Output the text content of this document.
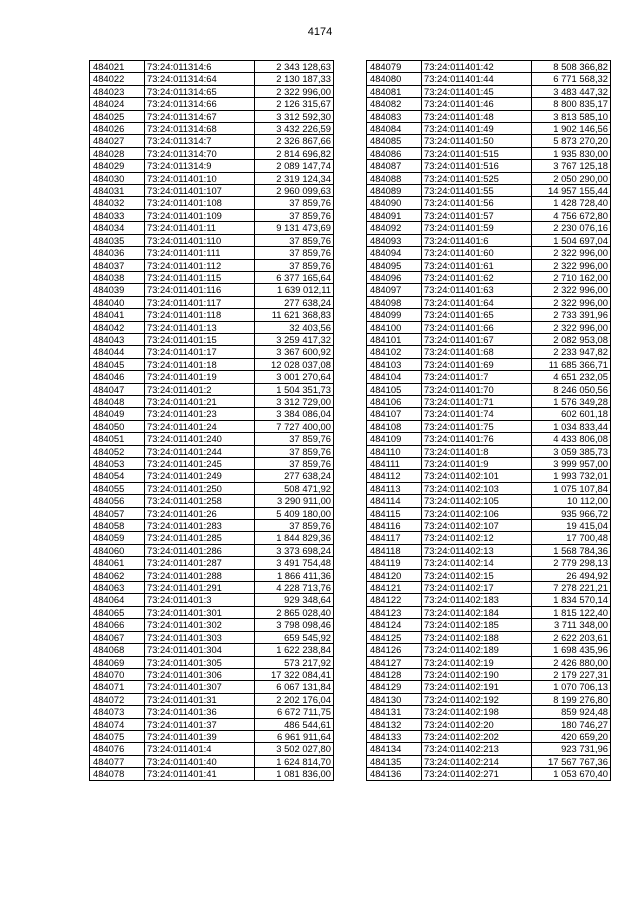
4174
484021	73:24:011314:6	2 343 128,63
484022	73:24:011314:64	2 130 187,33
484023	73:24:011314:65	2 322 996,00
484024	73:24:011314:66	2 126 315,67
484025	73:24:011314:67	3 312 592,30
484026	73:24:011314:68	3 432 226,59
484027	73:24:011314:7	2 326 867,66
484028	73:24:011314:70	2 814 696,82
484029	73:24:011314:9	2 089 147,74
484030	73:24:011401:10	2 319 124,34
484031	73:24:011401:107	2 960 099,63
484032	73:24:011401:108	37 859,76
484033	73:24:011401:109	37 859,76
484034	73:24:011401:11	9 131 473,69
484035	73:24:011401:110	37 859,76
484036	73:24:011401:111	37 859,76
484037	73:24:011401:112	37 859,76
484038	73:24:011401:115	6 377 165,64
484039	73:24:011401:116	1 639 012,11
484040	73:24:011401:117	277 638,24
484041	73:24:011401:118	11 621 368,83
484042	73:24:011401:13	32 403,56
484043	73:24:011401:15	3 259 417,32
484044	73:24:011401:17	3 367 600,92
484045	73:24:011401:18	12 028 037,08
484046	73:24:011401:19	3 001 270,64
484047	73:24:011401:2	1 504 351,73
484048	73:24:011401:21	3 312 729,00
484049	73:24:011401:23	3 384 086,04
484050	73:24:011401:24	7 727 400,00
484051	73:24:011401:240	37 859,76
484052	73:24:011401:244	37 859,76
484053	73:24:011401:245	37 859,76
484054	73:24:011401:249	277 638,24
484055	73:24:011401:250	508 471,92
484056	73:24:011401:258	3 290 911,00
484057	73:24:011401:26	5 409 180,00
484058	73:24:011401:283	37 859,76
484059	73:24:011401:285	1 844 829,36
484060	73:24:011401:286	3 373 698,24
484061	73:24:011401:287	3 491 754,48
484062	73:24:011401:288	1 866 411,36
484063	73:24:011401:291	4 228 713,76
484064	73:24:011401:3	929 348,64
484065	73:24:011401:301	2 865 028,40
484066	73:24:011401:302	3 798 098,46
484067	73:24:011401:303	659 545,92
484068	73:24:011401:304	1 622 238,84
484069	73:24:011401:305	573 217,92
484070	73:24:011401:306	17 322 084,41
484071	73:24:011401:307	6 067 131,84
484072	73:24:011401:31	2 202 176,04
484073	73:24:011401:36	6 672 711,75
484074	73:24:011401:37	486 544,61
484075	73:24:011401:39	6 961 911,64
484076	73:24:011401:4	3 502 027,80
484077	73:24:011401:40	1 624 814,70
484078	73:24:011401:41	1 081 836,00
484079	73:24:011401:42	8 508 366,82
484080	73:24:011401:44	6 771 568,32
484081	73:24:011401:45	3 483 447,32
484082	73:24:011401:46	8 800 835,17
484083	73:24:011401:48	3 813 585,10
484084	73:24:011401:49	1 902 146,56
484085	73:24:011401:50	5 873 270,20
484086	73:24:011401:515	1 935 830,00
484087	73:24:011401:516	3 767 125,18
484088	73:24:011401:525	2 050 290,00
484089	73:24:011401:55	14 957 155,44
484090	73:24:011401:56	1 428 728,40
484091	73:24:011401:57	4 756 672,80
484092	73:24:011401:59	2 230 076,16
484093	73:24:011401:6	1 504 697,04
484094	73:24:011401:60	2 322 996,00
484095	73:24:011401:61	2 322 996,00
484096	73:24:011401:62	2 710 162,00
484097	73:24:011401:63	2 322 996,00
484098	73:24:011401:64	2 322 996,00
484099	73:24:011401:65	2 733 391,96
484100	73:24:011401:66	2 322 996,00
484101	73:24:011401:67	2 082 953,08
484102	73:24:011401:68	2 233 947,82
484103	73:24:011401:69	11 685 366,71
484104	73:24:011401:7	4 651 232,05
484105	73:24:011401:70	8 246 050,56
484106	73:24:011401:71	1 576 349,28
484107	73:24:011401:74	602 601,18
484108	73:24:011401:75	1 034 833,44
484109	73:24:011401:76	4 433 806,08
484110	73:24:011401:8	3 059 385,73
484111	73:24:011401:9	3 999 957,00
484112	73:24:011402:101	1 993 732,01
484113	73:24:011402:103	1 075 107,84
484114	73:24:011402:105	10 112,00
484115	73:24:011402:106	935 966,72
484116	73:24:011402:107	19 415,04
484117	73:24:011402:12	17 700,48
484118	73:24:011402:13	1 568 784,36
484119	73:24:011402:14	2 779 298,13
484120	73:24:011402:15	26 494,92
484121	73:24:011402:17	7 278 221,21
484122	73:24:011402:183	1 834 570,14
484123	73:24:011402:184	1 815 122,40
484124	73:24:011402:185	3 711 348,00
484125	73:24:011402:188	2 622 203,61
484126	73:24:011402:189	1 698 435,96
484127	73:24:011402:19	2 426 880,00
484128	73:24:011402:190	2 179 227,31
484129	73:24:011402:191	1 070 706,13
484130	73:24:011402:192	8 199 276,80
484131	73:24:011402:198	859 924,48
484132	73:24:011402:20	180 746,27
484133	73:24:011402:202	420 659,20
484134	73:24:011402:213	923 731,96
484135	73:24:011402:214	17 567 767,36
484136	73:24:011402:271	1 053 670,40
